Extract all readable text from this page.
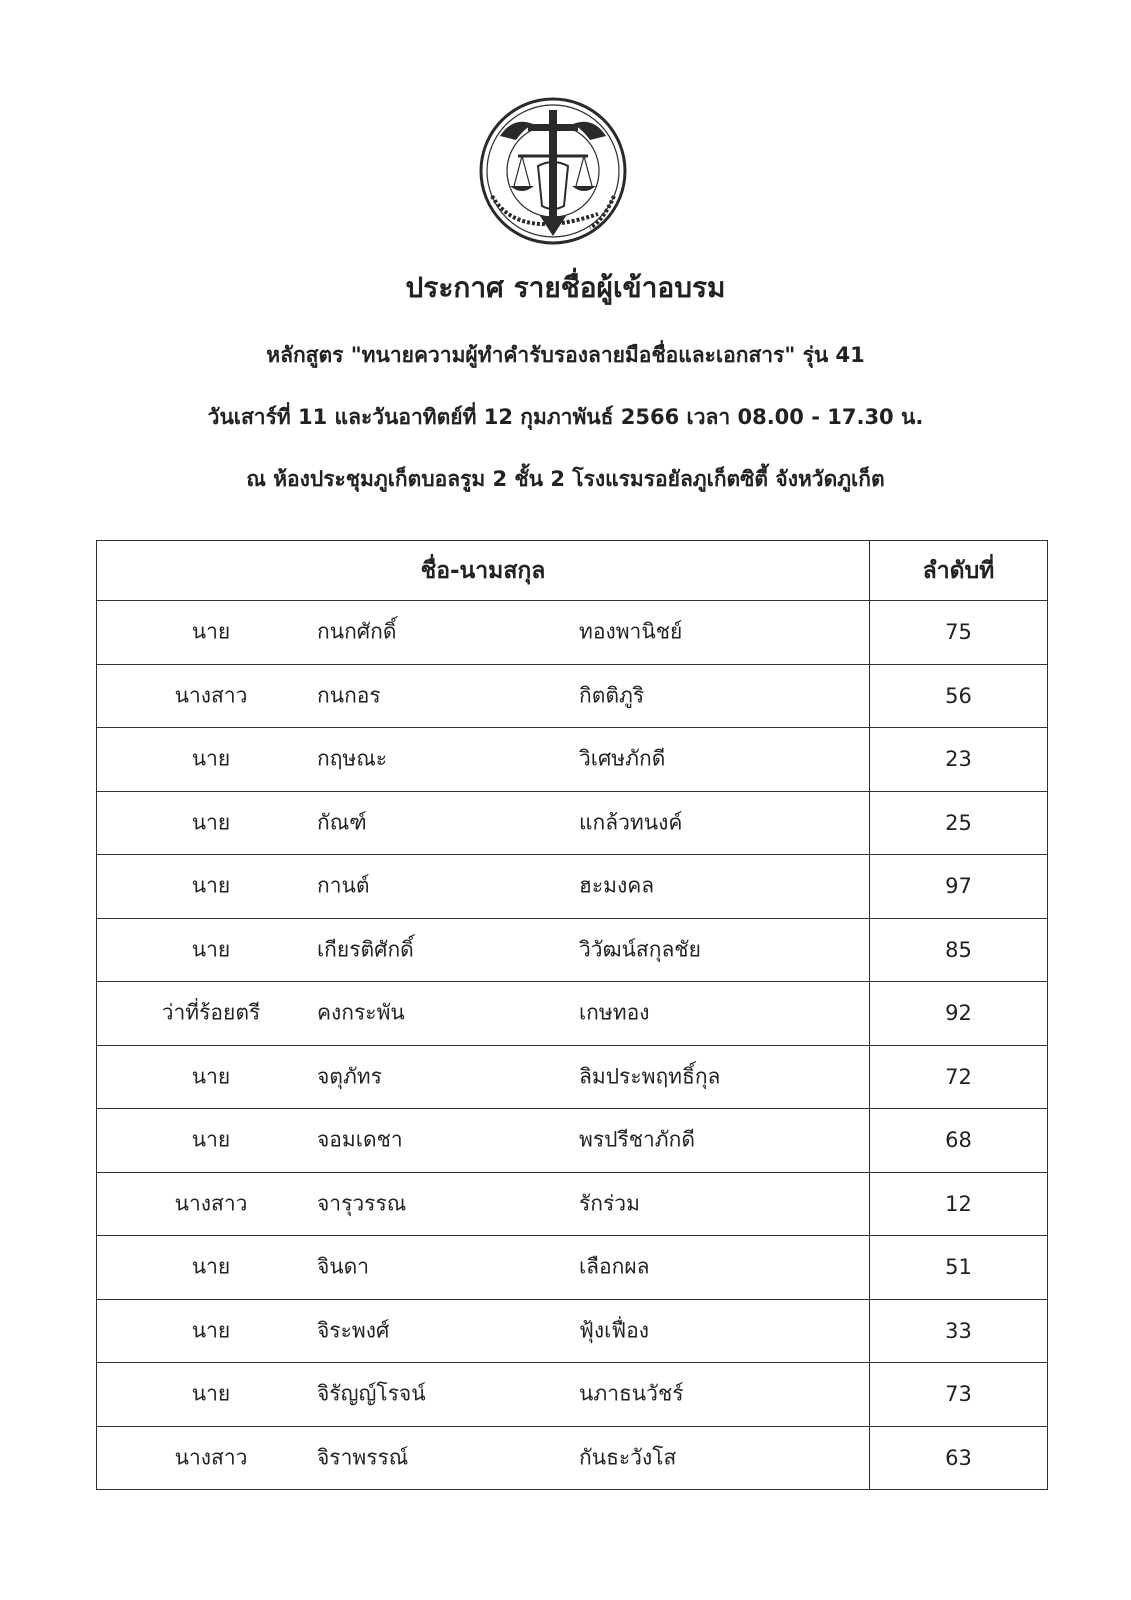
ประกาศ รายชื่อผู้เข้าอบรม
หลักสูตร "ทนายความผู้ทำคำรับรองลายมือชื่อและเอกสาร" รุ่น 41
วันเสาร์ที่ 11 และวันอาทิตย์ที่ 12 กุมภาพันธ์ 2566 เวลา 08.00 - 17.30 น.
ณ ห้องประชุมภูเก็ตบอลรูม 2 ชั้น 2 โรงแรมรอยัลภูเก็ตซิตี้ จังหวัดภูเก็ต
ชื่อ-นามสกุล	ลำดับที่

นาย กนกศักดิ์ ทองพานิชย์	75

นางสาว กนกอร กิตติภูริ	56

นาย กฤษณะ วิเศษภักดี	23

นาย กัณฑ์ แกล้วทนงค์	25

นาย กานต์ ฮะมงคล	97

นาย เกียรติศักดิ์ วิวัฒน์สกุลชัย	85

ว่าที่ร้อยตรี คงกระพัน เกษทอง	92

นาย จตุภัทร ลิมประพฤทธิ์กุล	72

นาย จอมเดชา พรปรีชาภักดี	68

นางสาว จารุวรรณ รักร่วม	12

นาย จินดา เลือกผล	51

นาย จิระพงศ์ ฟุ้งเฟื่อง	33

นาย จิรัญญ์โรจน์ นภาธนวัชร์	73

นางสาว จิราพรรณ์ กันธะวังโส	63
